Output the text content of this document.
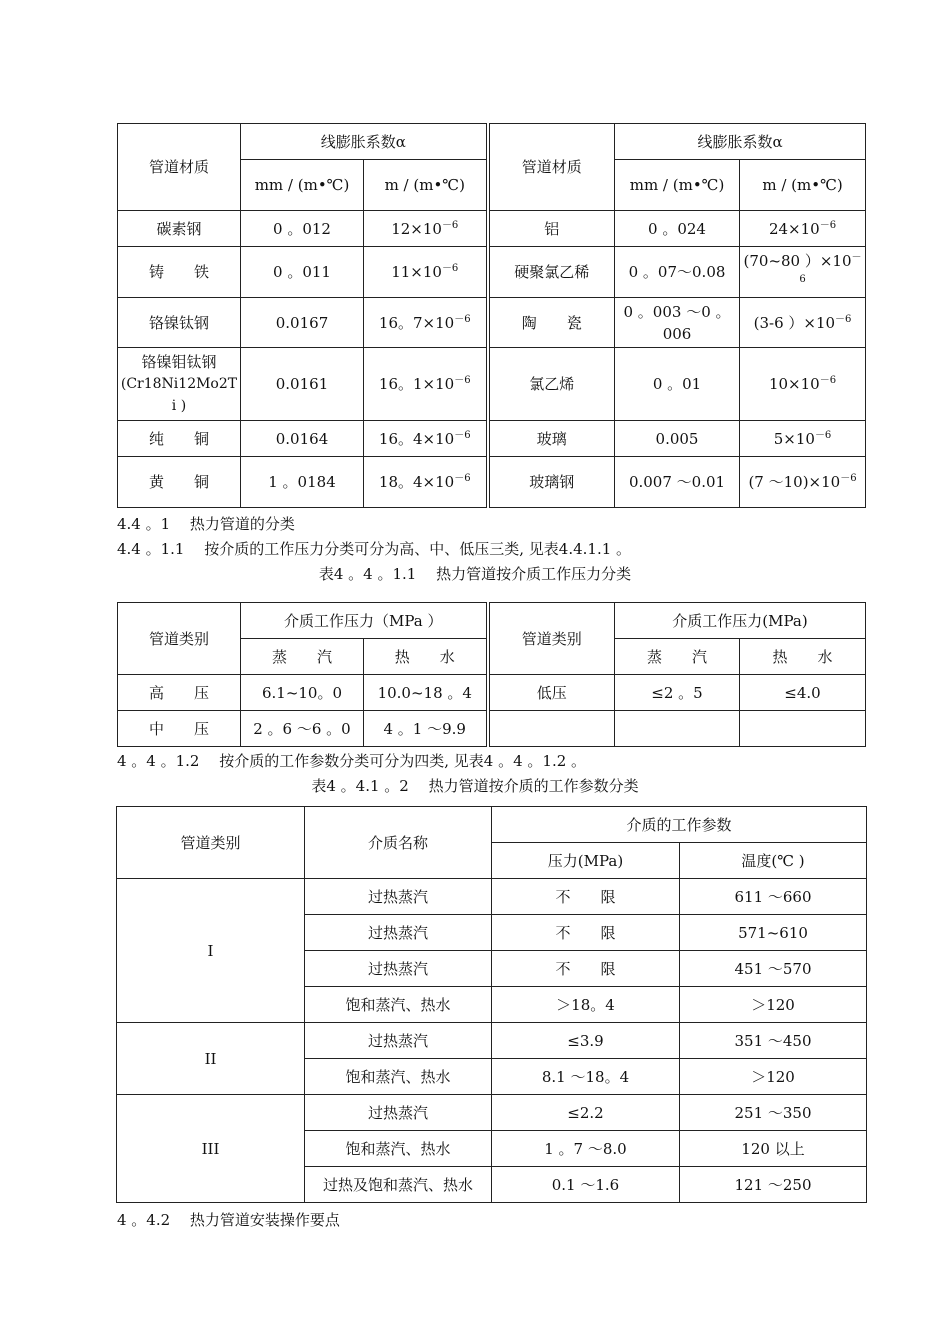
管道材质	线膨胀系数α		管道材质	线膨胀系数α	
	mm / (m•℃)	m / (m•℃)		mm / (m•℃)	m / (m•℃)

碳素钢	0 。012	$12\times 10^{-6}$	铝	0 。024	$24\times 10^{-6}$

铸　　铁	0 。011	$11\times 10^{-6}$	硬聚氯乙稀	0 。07～0.08	(70~80 ）$\times 10^{-6}$

铬镍钛钢	0.0167	16。$7\times 10^{-6}$	陶　　瓷	0 。003 ～0 。006	(3-6 ）$\times 10^{-6}$

铬镍钼钛钢
(Cr18Ni12Mo2Ti )	0.0161	16。$1\times 10^{-6}$	氯乙烯	0 。01	$10\times 10^{-6}$

纯　　铜	0.0164	16。$4\times 10^{-6}$	玻璃	0.005	$5\times 10^{-6}$

黄　　铜	1 。0184	18。$4\times 10^{-6}$	玻璃钢	0.007 ～0.01	(7 $\sim 10)\times 10^{-6}$
4.4 。1　 热力管道的分类
4.4 。1.1　 按介质的工作压力分类可分为高、中、低压三类, 见表4.4.1.1 。
表4 。4 。1.1　 热力管道按介质工作压力分类
管道类别	介质工作压力（MPa ）		管道类别	介质工作压力(MPa)	
	蒸　　汽	热　　水		蒸　　汽	热　　水
高　　压	6.1~10。0	10.0~18 。4	低压	≤2 。5	≤4.0
中　　压	2 。6 ～6 。0	4 。1 ～9.9			
4 。4 。1.2　 按介质的工作参数分类可分为四类, 见表4 。4 。1.2 。
表4 。4.1 。2　 热力管道按介质的工作参数分类
管道类别	介质名称	介质的工作参数	
		压力(MPa)	温度(℃ )
I	过热蒸汽	不　　限	611 ～660
	过热蒸汽	不　　限	571~610
	过热蒸汽	不　　限	451 ～570
	饱和蒸汽、热水	＞18。4	＞120
II	过热蒸汽	≤3.9	351 ～450
	饱和蒸汽、热水	8.1 ～18。4	＞120
III	过热蒸汽	≤2.2	251 ～350
	饱和蒸汽、热水	1 。7 ～8.0	120 以上
	过热及饱和蒸汽、热水	0.1 ～1.6	121 ～250
4 。4.2　 热力管道安装操作要点
